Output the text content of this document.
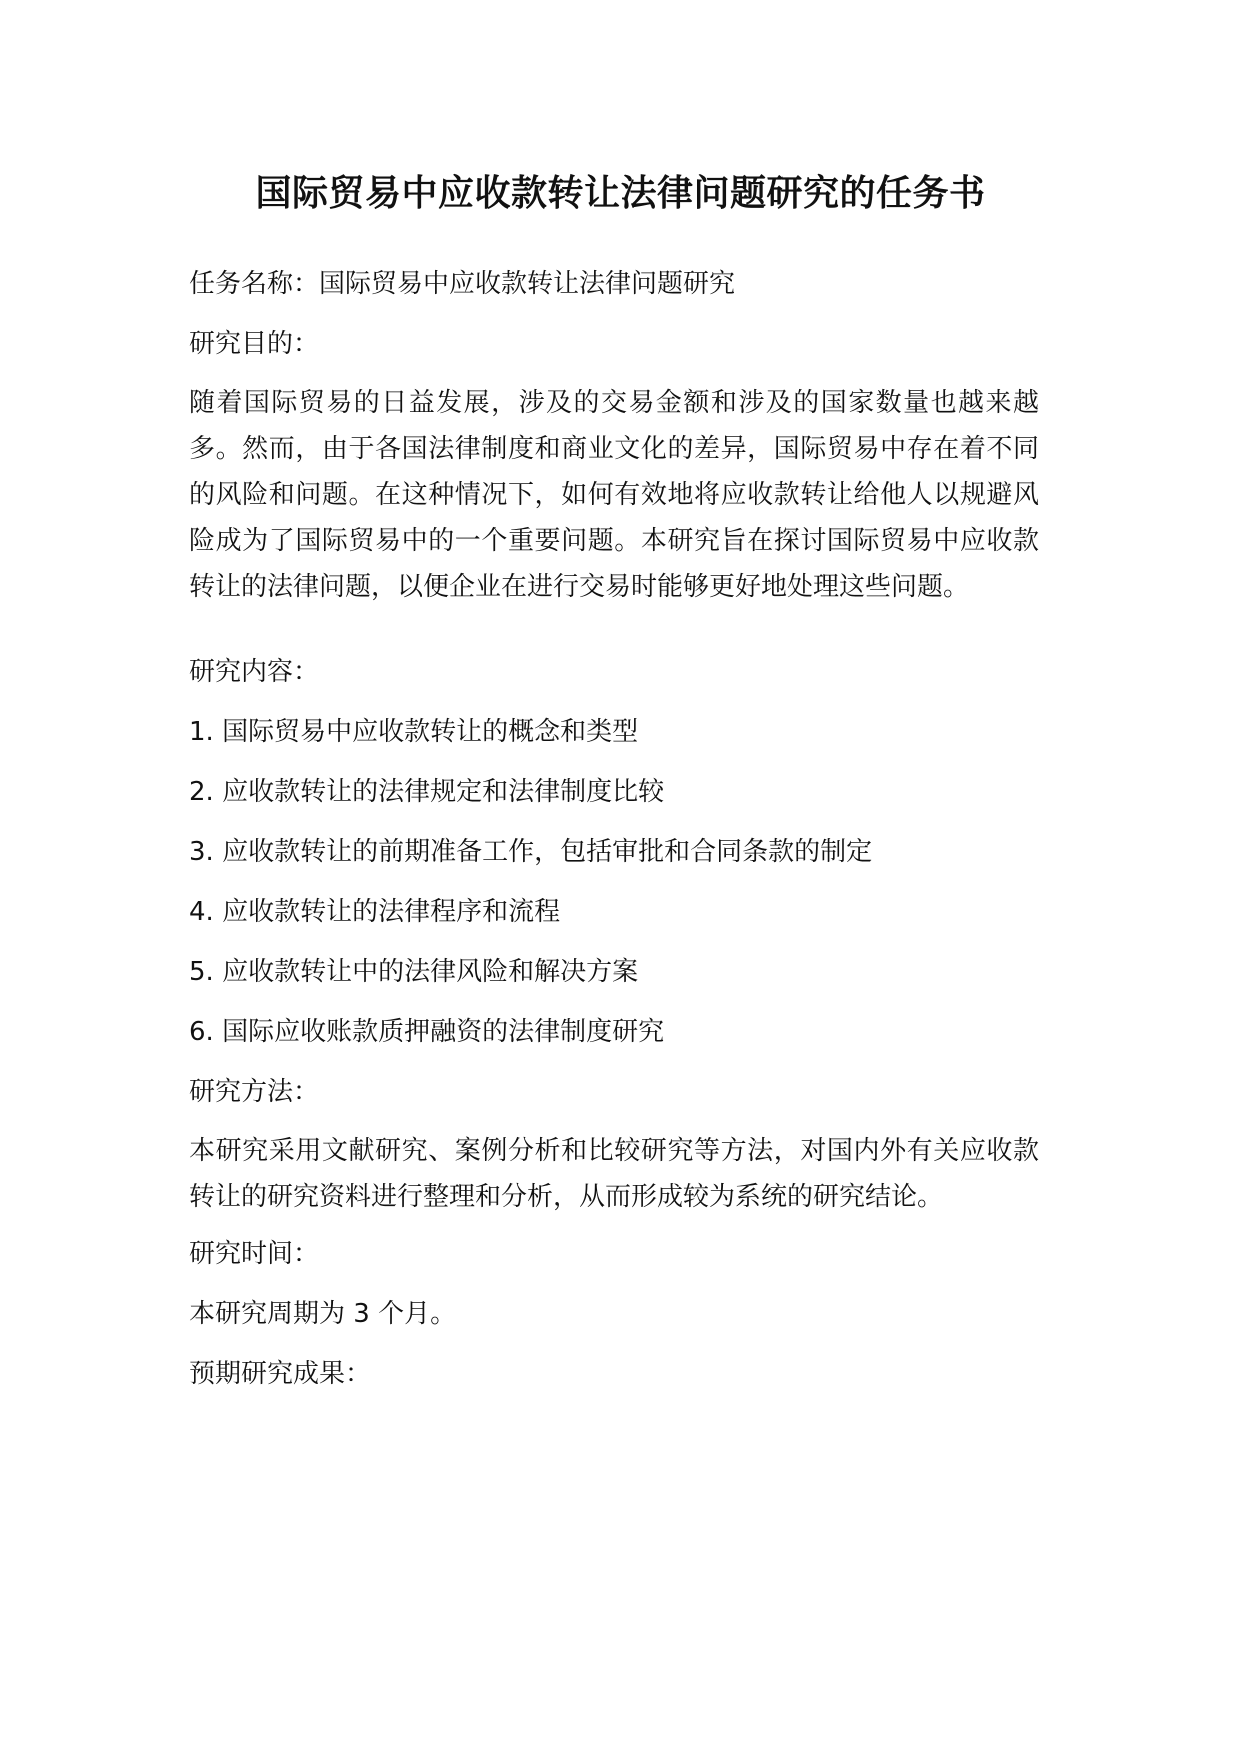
国际贸易中应收款转让法律问题研究的任务书
任务名称：国际贸易中应收款转让法律问题研究
研究目的：
随着国际贸易的日益发展，涉及的交易金额和涉及的国家数量也越来越多。然而，由于各国法律制度和商业文化的差异，国际贸易中存在着不同的风险和问题。在这种情况下，如何有效地将应收款转让给他人以规避风险成为了国际贸易中的一个重要问题。本研究旨在探讨国际贸易中应收款转让的法律问题，以便企业在进行交易时能够更好地处理这些问题。
研究内容：
1. 国际贸易中应收款转让的概念和类型
2. 应收款转让的法律规定和法律制度比较
3. 应收款转让的前期准备工作，包括审批和合同条款的制定
4. 应收款转让的法律程序和流程
5. 应收款转让中的法律风险和解决方案
6. 国际应收账款质押融资的法律制度研究
研究方法：
本研究采用文献研究、案例分析和比较研究等方法，对国内外有关应收款转让的研究资料进行整理和分析，从而形成较为系统的研究结论。
研究时间：
本研究周期为 3 个月。
预期研究成果：
